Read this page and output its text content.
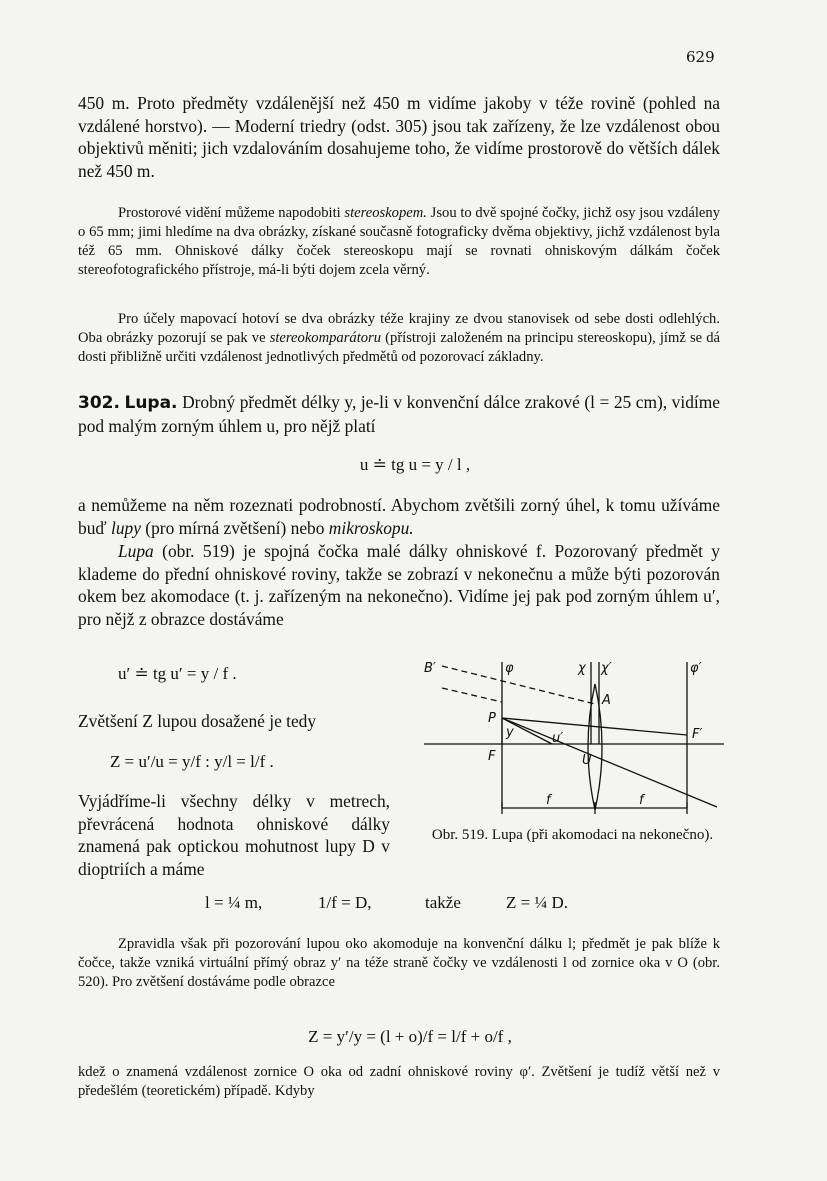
629

450 m. Proto předměty vzdálenější než 450 m vidíme jakoby v téže rovině (pohled na vzdálené horstvo). — Moderní triedry (odst. 305) jsou tak zařízeny, že lze vzdálenost obou objektivů měniti; jich vzdalováním dosahujeme toho, že vidíme prostorově do větších dálek než 450 m.

Prostorové vidění můžeme napodobiti stereoskopem. Jsou to dvě spojné čočky, jichž osy jsou vzdáleny o 65 mm; jimi hledíme na dva obrázky, získané současně fotograficky dvěma objektivy, jichž vzdálenost byla též 65 mm. Ohniskové dálky čoček stereoskopu mají se rovnati ohniskovým dálkám čoček stereofotografického přístroje, má-li býti dojem zcela věrný.

Pro účely mapovací hotoví se dva obrázky téže krajiny ze dvou stanovisek od sebe dosti odlehlých. Oba obrázky pozorují se pak ve stereokomparátoru (přístroji založeném na principu stereoskopu), jímž se dá dosti přibližně určiti vzdálenost jednotlivých předmětů od pozorovací základny.

302. Lupa. Drobný předmět délky y, je-li v konvenční dálce zrakové (l = 25 cm), vidíme pod malým zorným úhlem u, pro nějž platí

u ≐ tg u = y / l ,

a nemůžeme na něm rozeznati podrobností. Abychom zvětšili zorný úhel, k tomu užíváme buď lupy (pro mírná zvětšení) nebo mikroskopu.

Lupa (obr. 519) je spojná čočka malé dálky ohniskové f. Pozorovaný předmět y klademe do přední ohniskové roviny, takže se zobrazí v nekonečnu a může býti pozorován okem bez akomodace (t. j. zařízeným na nekonečno). Vidíme jej pak pod zorným úhlem u′, pro nějž z obrazce dostáváme

u′ ≐ tg u′ = y / f .

Zvětšení Z lupou dosažené je tedy

Z = u′/u = y/f : y/l = l/f .

Vyjádříme-li všechny délky v metrech, převrácená hodnota ohniskové dálky znamená pak optickou mohutnost lupy D v dioptriích a máme

l = ¼ m,	1/f = D,	takže	Z = ¼ D.
B′	φ	χ χ′	φ′
A
P
y	u′
F	U
F′
f	f
Obr. 519. Lupa (při akomodaci na nekonečno).

Zpravidla však při pozorování lupou oko akomoduje na konvenční dálku l; předmět je pak blíže k čočce, takže vzniká virtuální přímý obraz y′ na téže straně čočky ve vzdálenosti l od zornice oka v O (obr. 520). Pro zvětšení dostáváme podle obrazce

Z = y′/y = (l + o)/f = l/f + o/f ,

kdež o znamená vzdálenost zornice O oka od zadní ohniskové roviny φ′. Zvětšení je tudíž větší než v předešlém (teoretickém) případě. Kdyby
